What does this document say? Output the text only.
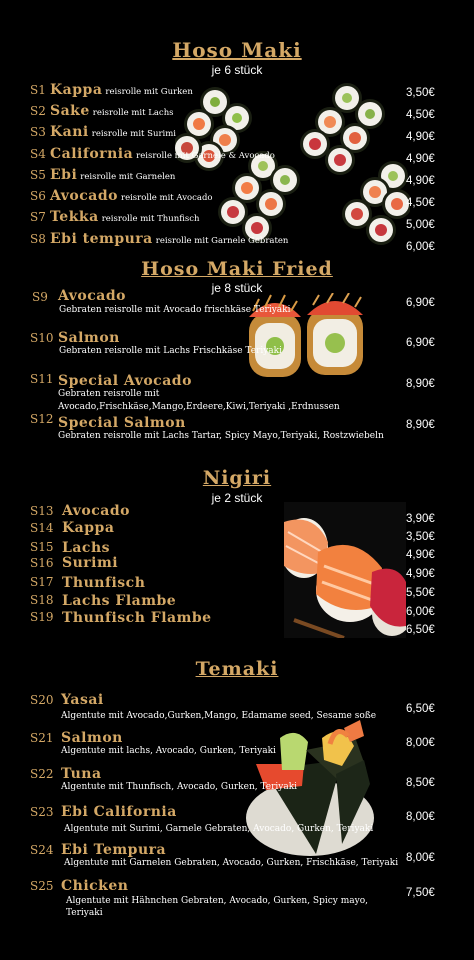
Hoso Maki
je 6 stück
S1 Kappa reisrolle mit Gurken	3,50€
S2 Sake reisrolle mit Lachs	4,50€
S3 Kani reisrolle mit Surimi	4,90€
S4 California reisrolle mit Garnele & Avocado	4,90€
S5 Ebi reisrolle mit Garnelen	4,90€
S6 Avocado reisrolle mit Avocado	4,50€
S7 Tekka reisrolle mit Thunfisch	5,00€
S8 Ebi tempura reisrolle mit Garnele Gebraten	6,00€
Hoso Maki Fried
je 8 stück
S9 Avocado
Gebraten reisrolle mit Avocado frischkäse Teriyaki
6,90€
S10 Salmon
Gebraten reisrolle mit Lachs Frischkäse Teriyaki
6,90€
S11 Special Avocado
Gebraten reisrolle mit
Avocado,Frischkäse,Mango,Erdeere,Kiwi,Teriyaki ,Erdnussen
8,90€
S12 Special Salmon
Gebraten reisrolle mit Lachs Tartar, Spicy Mayo,Teriyaki, Rostzwiebeln
8,90€
Nigiri
je 2 stück
S13 Avocado	3,90€
S14 Kappa
3,50€
S15 Lachs	4,90€
S16 Surimi
4,90€
S17 Thunfisch
5,50€
S18 Lachs Flambe
6,00€
S19 Thunfisch Flambe
6,50€
Temaki
S20 Yasai
Algentute mit Avocado,Gurken,Mango, Edamame seed, Sesame soße
6,50€
S21 Salmon
Algentute mit lachs, Avocado, Gurken, Teriyaki
8,00€
S22 Tuna
Algentute mit Thunfisch, Avocado, Gurken, Teriyaki	8,50€
S23 Ebi California
Algentute mit Surimi, Garnele Gebraten, Avocado, Gurken, Teriyaki
8,00€
S24 Ebi Tempura
Algentute mit Garnelen Gebraten, Avocado, Gurken, Frischkäse, Teriyaki 8,00€
S25 Chicken
Algentute mit Hähnchen Gebraten, Avocado, Gurken, Spicy mayo,
Teriyaki
7,50€
